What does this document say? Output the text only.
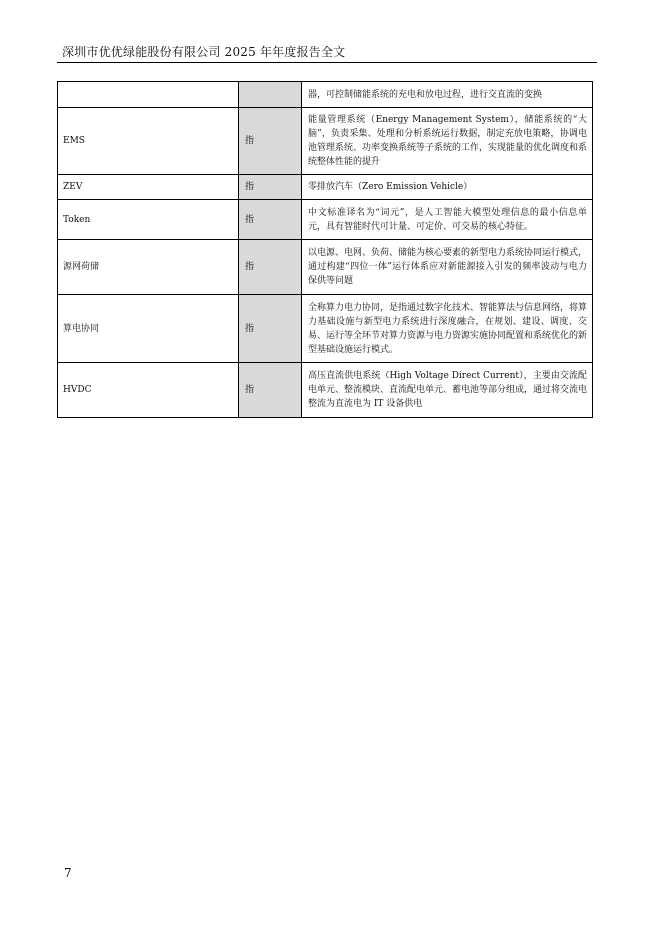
深圳市优优绿能股份有限公司 2025 年年度报告全文
		器，可控制储能系统的充电和放电过程，进行交直流的变换
EMS	指	能量管理系统（Energy Management System），储能系统的“大脑”，负责采集、处理和分析系统运行数据，制定充放电策略，协调电池管理系统、功率变换系统等子系统的工作，实现能量的优化调度和系统整体性能的提升
ZEV	指	零排放汽车（Zero Emission Vehicle）
Token	指	中文标准译名为“词元”，是人工智能大模型处理信息的最小信息单元，具有智能时代可计量、可定价、可交易的核心特征。
源网荷储	指	以电源、电网、负荷、储能为核心要素的新型电力系统协同运行模式，通过构建“四位一体”运行体系应对新能源接入引发的频率波动与电力保供等问题
算电协同	指	全称算力电力协同，是指通过数字化技术、智能算法与信息网络，将算力基础设施与新型电力系统进行深度融合，在规划、建设、调度、交易、运行等全环节对算力资源与电力资源实施协同配置和系统优化的新型基础设施运行模式。
HVDC	指	高压直流供电系统（High Voltage Direct Current），主要由交流配电单元、整流模块、直流配电单元、蓄电池等部分组成，通过将交流电整流为直流电为 IT 设备供电
7
